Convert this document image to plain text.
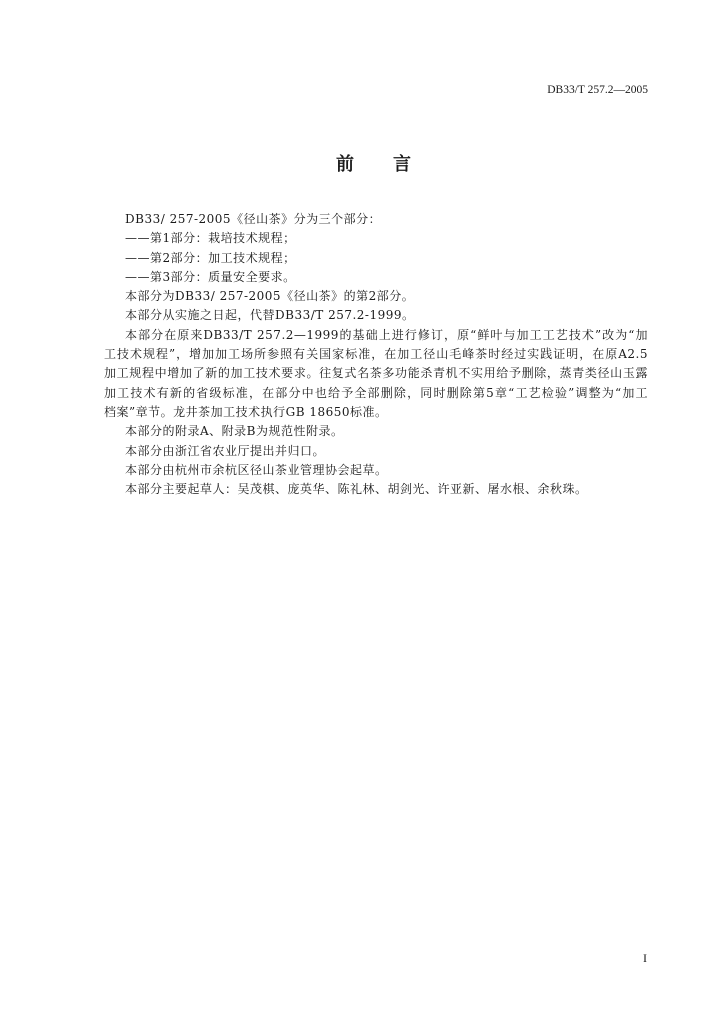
DB33/T 257.2—2005
前 言
DB33/ 257-2005《径山茶》分为三个部分：
——第1部分：栽培技术规程；
——第2部分：加工技术规程；
——第3部分：质量安全要求。
本部分为DB33/ 257-2005《径山茶》的第2部分。
本部分从实施之日起，代替DB33/T 257.2-1999。
本部分在原来DB33/T 257.2—1999的基础上进行修订，原“鲜叶与加工工艺技术”改为“加
工技术规程”，增加加工场所参照有关国家标准，在加工径山毛峰茶时经过实践证明，在原A2.5
加工规程中增加了新的加工技术要求。往复式名茶多功能杀青机不实用给予删除，蒸青类径山玉露
加工技术有新的省级标准，在部分中也给予全部删除，同时删除第5章“工艺检验”调整为“加工
档案”章节。龙井茶加工技术执行GB 18650标准。
本部分的附录A、附录B为规范性附录。
本部分由浙江省农业厅提出并归口。
本部分由杭州市余杭区径山茶业管理协会起草。
本部分主要起草人：吴茂棋、庞英华、陈礼林、胡剑光、许亚新、屠水根、余秋珠。
I
